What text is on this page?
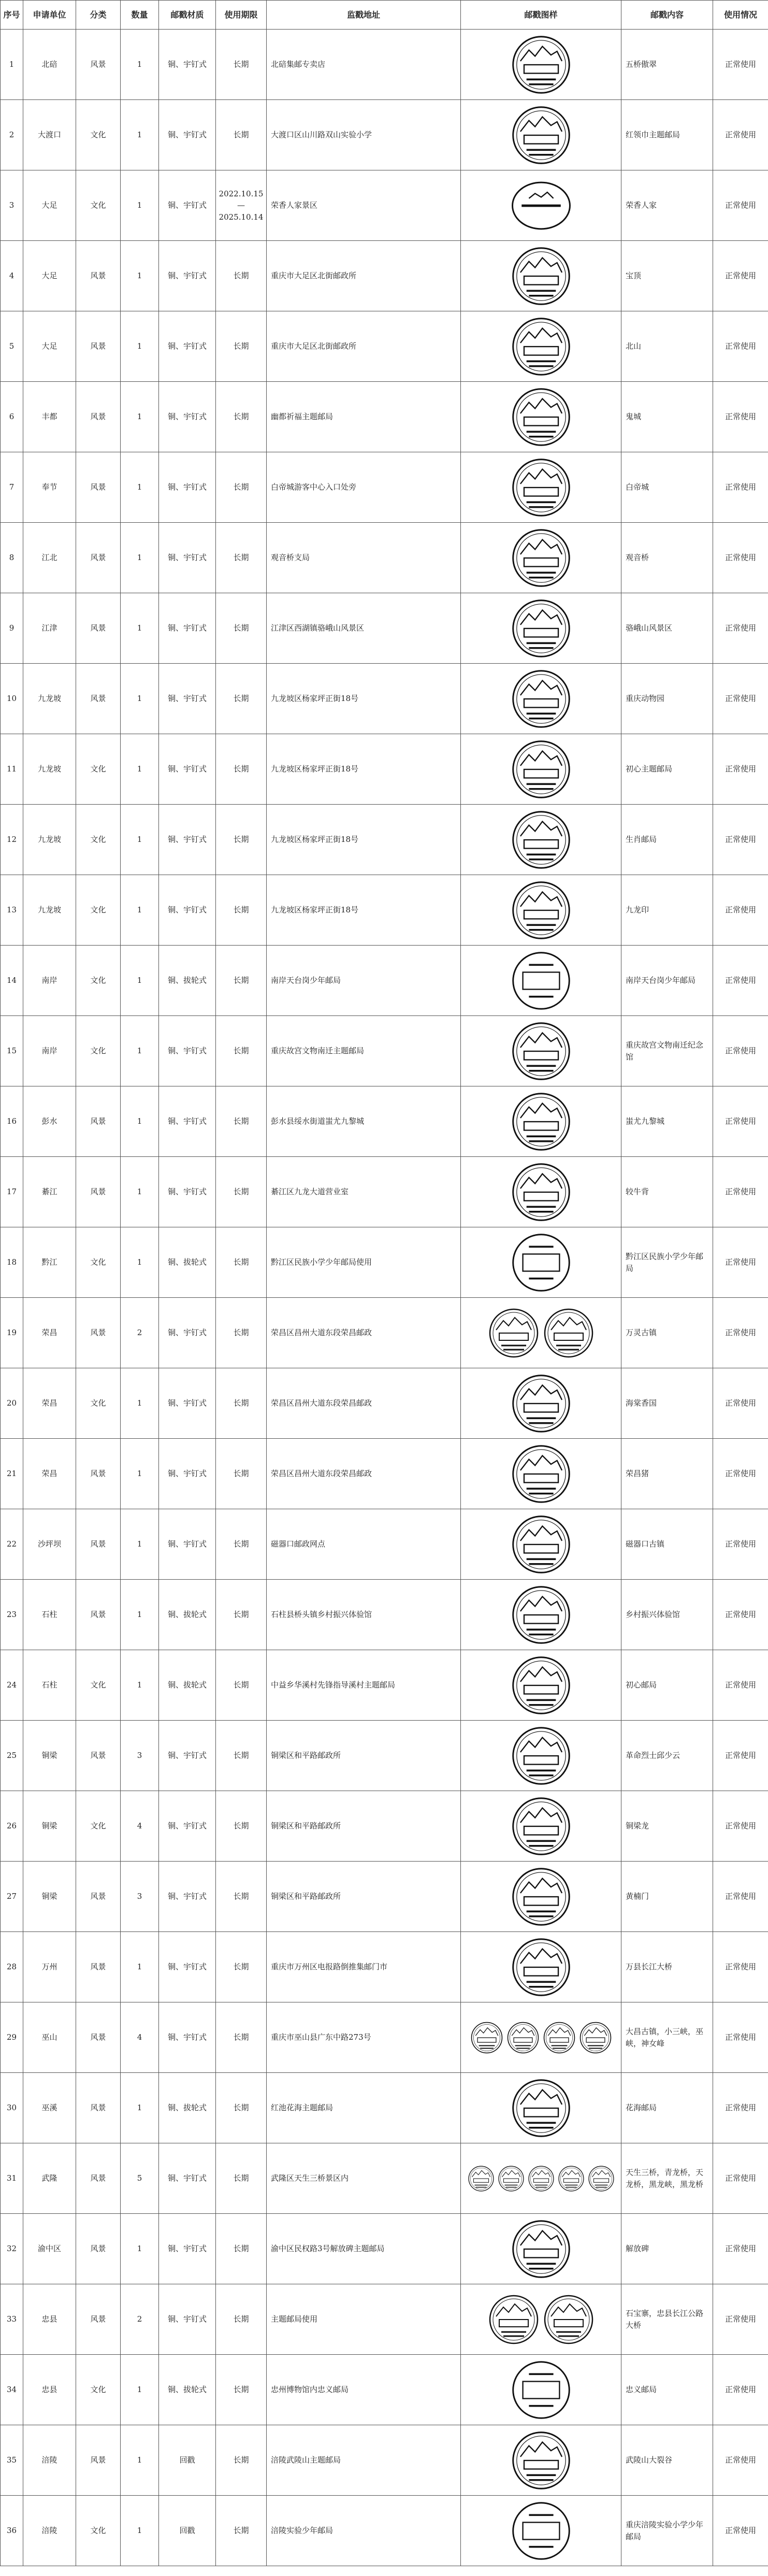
序号	申请单位	分类	数量	邮戳材质	使用期限	监戳地址	邮戳图样	邮戳内容	使用情况
1	北碚	风景	1	铜、宇钉式	长期	北碚集邮专卖店		五桥傲翠	正常使用
2	大渡口	文化	1	铜、宇钉式	长期	大渡口区山川路双山实验小学		红领巾主题邮局	正常使用
3	大足	文化	1	铜、宇钉式	2022.10.15 — 2025.10.14	荣香人家景区		荣香人家	正常使用
4	大足	风景	1	铜、宇钉式	长期	重庆市大足区北街邮政所		宝顶	正常使用
5	大足	风景	1	铜、宇钉式	长期	重庆市大足区北街邮政所		北山	正常使用
6	丰都	风景	1	铜、宇钉式	长期	幽都祈福主题邮局		鬼城	正常使用
7	奉节	风景	1	铜、宇钉式	长期	白帝城游客中心入口处旁		白帝城	正常使用
8	江北	风景	1	铜、宇钉式	长期	观音桥支局		观音桥	正常使用
9	江津	风景	1	铜、宇钉式	长期	江津区西湖镇骆峨山风景区		骆峨山风景区	正常使用
10	九龙坡	风景	1	铜、宇钉式	长期	九龙坡区杨家坪正街18号		重庆动物园	正常使用
11	九龙坡	文化	1	铜、宇钉式	长期	九龙坡区杨家坪正街18号		初心主题邮局	正常使用
12	九龙坡	文化	1	铜、宇钉式	长期	九龙坡区杨家坪正街18号		生肖邮局	正常使用
13	九龙坡	文化	1	铜、宇钉式	长期	九龙坡区杨家坪正街18号		九龙印	正常使用
14	南岸	文化	1	铜、拔轮式	长期	南岸天台岗少年邮局		南岸天台岗少年邮局	正常使用
15	南岸	文化	1	铜、宇钉式	长期	重庆故宫文物南迁主题邮局		重庆故宫文物南迁纪念馆	正常使用
16	彭水	风景	1	铜、宇钉式	长期	彭水县绥水街道蚩尤九黎城		蚩尤九黎城	正常使用
17	綦江	风景	1	铜、宇钉式	长期	綦江区九龙大道营业室		较牛背	正常使用
18	黔江	文化	1	铜、拔轮式	长期	黔江区民族小学少年邮局使用		黔江区民族小学少年邮局	正常使用
19	荣昌	风景	2	铜、宇钉式	长期	荣昌区昌州大道东段荣昌邮政		万灵古镇	正常使用
20	荣昌	文化	1	铜、宇钉式	长期	荣昌区昌州大道东段荣昌邮政		海棠香国	正常使用
21	荣昌	风景	1	铜、宇钉式	长期	荣昌区昌州大道东段荣昌邮政		荣昌猪	正常使用
22	沙坪坝	风景	1	铜、宇钉式	长期	磁器口邮政网点		磁器口古镇	正常使用
23	石柱	风景	1	铜、拔轮式	长期	石柱县桥头镇乡村振兴体验馆		乡村振兴体验馆	正常使用
24	石柱	文化	1	铜、拔轮式	长期	中益乡华溪村先锋指导溪村主题邮局		初心邮局	正常使用
25	铜梁	风景	3	铜、宇钉式	长期	铜梁区和平路邮政所		革命烈士邱少云	正常使用
26	铜梁	文化	4	铜、宇钉式	长期	铜梁区和平路邮政所		铜梁龙	正常使用
27	铜梁	风景	3	铜、宇钉式	长期	铜梁区和平路邮政所		黄楠门	正常使用
28	万州	风景	1	铜、宇钉式	长期	重庆市万州区电报路倒推集邮门市		万县长江大桥	正常使用
29	巫山	风景	4	铜、宇钉式	长期	重庆市巫山县广东中路273号		大昌古镇，小三峡，巫峡，神女峰	正常使用
30	巫溪	风景	1	铜、拔轮式	长期	红池花海主题邮局		花海邮局	正常使用
31	武隆	风景	5	铜、宇钉式	长期	武隆区天生三桥景区内		天生三桥，青龙桥，天龙桥，黑龙峡，黑龙桥	正常使用
32	渝中区	风景	1	铜、宇钉式	长期	渝中区民权路3号解放碑主题邮局		解放碑	正常使用
33	忠县	风景	2	铜、宇钉式	长期	主题邮局使用		石宝寨，忠县长江公路大桥	正常使用
34	忠县	文化	1	铜、拔轮式	长期	忠州博物馆内忠义邮局		忠义邮局	正常使用
35	涪陵	风景	1	回戳	长期	涪陵武陵山主题邮局		武陵山大裂谷	正常使用
36	涪陵	文化	1	回戳	长期	涪陵实验少年邮局		重庆涪陵实验小学少年邮局	正常使用
